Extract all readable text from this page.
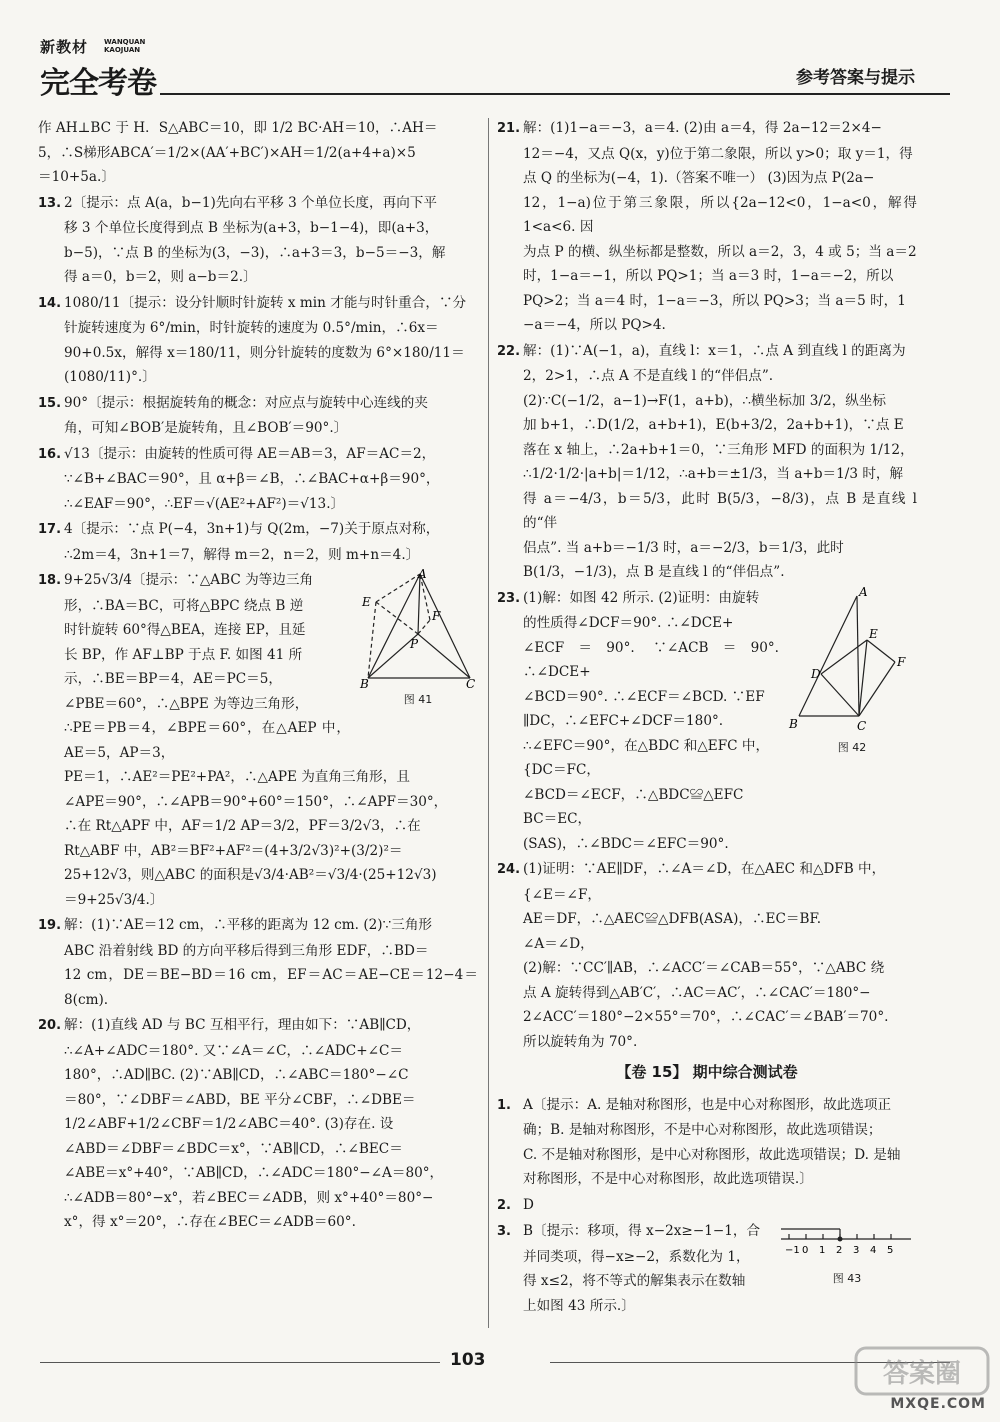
新教材 WANQUAN
KAOJUAN
完全考卷	参考答案与提示
作 AH⊥BC 于 H．S△ABC＝10，即 1/2 BC·AH＝10，∴AH＝
5，∴S梯形ABCA′＝1/2×(AA′+BC′)×AH＝1/2(a+4+a)×5
＝10+5a.〕
13. 2〔提示：点 A(a，b−1)先向右平移 3 个单位长度，再向下平
移 3 个单位长度得到点 B 坐标为(a+3，b−1−4)，即(a+3，
b−5)，∵点 B 的坐标为(3，−3)，∴a+3＝3，b−5＝−3，解
得 a＝0，b＝2，则 a−b＝2.〕
14. 1080/11〔提示：设分针顺时针旋转 x min 才能与时针重合，∵分
针旋转速度为 6°/min，时针旋转的速度为 0.5°/min，∴6x＝
90+0.5x，解得 x＝180/11，则分针旋转的度数为 6°×180/11＝
(1080/11)°.〕
15. 90°〔提示：根据旋转角的概念：对应点与旋转中心连线的夹
角，可知∠BOB′是旋转角，且∠BOB′＝90°.〕
16. √13〔提示：由旋转的性质可得 AE＝AB＝3，AF＝AC＝2，
∵∠B+∠BAC＝90°，且 α+β＝∠B，∴∠BAC+α+β＝90°，
∴∠EAF＝90°，∴EF＝√(AE²+AF²)＝√13.〕
17. 4〔提示：∵点 P(−4，3n+1)与 Q(2m，−7)关于原点对称，
∴2m＝4，3n+1＝7，解得 m＝2，n＝2，则 m+n＝4.〕
A
B	C
E
P
F
图 41
18. 9+25√3/4〔提示：∵△ABC 为等边三角
形，∴BA＝BC，可将△BPC 绕点 B 逆
时针旋转 60°得△BEA，连接 EP，且延
长 BP，作 AF⊥BP 于点 F. 如图 41 所
示，∴BE＝BP＝4，AE＝PC＝5，
∠PBE＝60°，∴△BPE 为等边三角形，
∴PE＝PB＝4，∠BPE＝60°，在△AEP 中，AE＝5，AP＝3，
PE＝1，∴AE²＝PE²+PA²，∴△APE 为直角三角形，且
∠APE＝90°，∴∠APB＝90°+60°＝150°，∴∠APF＝30°，
∴在 Rt△APF 中，AF＝1/2 AP＝3/2，PF＝3/2√3，∴在
Rt△ABF 中，AB²＝BF²+AF²＝(4+3/2√3)²+(3/2)²＝
25+12√3，则△ABC 的面积是√3/4·AB²＝√3/4·(25+12√3)
＝9+25√3/4.〕
19. 解：(1)∵AE＝12 cm，∴平移的距离为 12 cm. (2)∵三角形
ABC 沿着射线 BD 的方向平移后得到三角形 EDF，∴BD＝
12 cm，DE＝BE−BD＝16 cm，EF＝AC＝AE−CE＝12−4＝8(cm).
20. 解：(1)直线 AD 与 BC 互相平行，理由如下：∵AB∥CD，
∴∠A+∠ADC＝180°. 又∵∠A＝∠C，∴∠ADC+∠C＝
180°，∴AD∥BC. (2)∵AB∥CD，∴∠ABC＝180°−∠C
＝80°，∵∠DBF＝∠ABD，BE 平分∠CBF，∴∠DBE＝
1/2∠ABF+1/2∠CBF＝1/2∠ABC＝40°. (3)存在. 设
∠ABD＝∠DBF＝∠BDC＝x°，∵AB∥CD，∴∠BEC＝
∠ABE＝x°+40°，∵AB∥CD，∴∠ADC＝180°−∠A＝80°，
∴∠ADB＝80°−x°，若∠BEC＝∠ADB，则 x°+40°＝80°−
x°，得 x°＝20°，∴存在∠BEC＝∠ADB＝60°.
21. 解：(1)1−a＝−3，a＝4. (2)由 a＝4，得 2a−12＝2×4−
12＝−4，又点 Q(x，y)位于第二象限，所以 y>0；取 y＝1，得
点 Q 的坐标为(−4，1).（答案不唯一） (3)因为点 P(2a−
12，1−a)位于第三象限，所以{2a−12<0，1−a<0，解得 1<a<6. 因
为点 P 的横、纵坐标都是整数，所以 a＝2，3，4 或 5；当 a＝2
时，1−a＝−1，所以 PQ>1；当 a＝3 时，1−a＝−2，所以
PQ>2；当 a＝4 时，1−a＝−3，所以 PQ>3；当 a＝5 时，1
−a＝−4，所以 PQ>4.
22. 解：(1)∵A(−1，a)，直线 l：x＝1，∴点 A 到直线 l 的距离为
2，2>1，∴点 A 不是直线 l 的“伴侣点”.
(2)∵C(−1/2，a−1)→F(1，a+b)，∴横坐标加 3/2，纵坐标
加 b+1，∴D(1/2，a+b+1)，E(b+3/2，2a+b+1)，∵点 E
落在 x 轴上，∴2a+b+1＝0，∵三角形 MFD 的面积为 1/12，
∴1/2·1/2·|a+b|＝1/12，∴a+b＝±1/3，当 a+b＝1/3 时，解
得 a＝−4/3，b＝5/3，此时 B(5/3，−8/3)，点 B 是直线 l 的“伴
侣点”. 当 a+b＝−1/3 时，a＝−2/3，b＝1/3，此时
B(1/3，−1/3)，点 B 是直线 l 的“伴侣点”.
A
B	C
D
E
F
图 42
23. (1)解：如图 42 所示. (2)证明：由旋转
的性质得∠DCF＝90°. ∴∠DCE+
∠ECF＝90°. ∵∠ACB＝90°. ∴∠DCE+
∠BCD＝90°. ∴∠ECF＝∠BCD. ∵EF
∥DC，∴∠EFC+∠DCF＝180°.
∴∠EFC＝90°，在△BDC 和△EFC 中，
{DC＝FC，
∠BCD＝∠ECF，∴△BDC≌△EFC
BC＝EC，
(SAS)，∴∠BDC＝∠EFC＝90°.
24. (1)证明：∵AE∥DF，∴∠A＝∠D，在△AEC 和△DFB 中，
{∠E＝∠F，
AE＝DF，∴△AEC≌△DFB(ASA)，∴EC＝BF.
∠A＝∠D，
(2)解：∵CC′∥AB，∴∠ACC′＝∠CAB＝55°，∵△ABC 绕
点 A 旋转得到△AB′C′，∴AC＝AC′，∴∠CAC′＝180°−
2∠ACC′＝180°−2×55°＝70°，∴∠CAC′＝∠BAB′＝70°.
所以旋转角为 70°.
【卷 15】 期中综合测试卷
1. A〔提示：A. 是轴对称图形，也是中心对称图形，故此选项正
确；B. 是轴对称图形，不是中心对称图形，故此选项错误；
C. 不是轴对称图形，是中心对称图形，故此选项错误；D. 是轴
对称图形，不是中心对称图形，故此选项错误.〕
2. D
−1 0 1 2 3 4 5
图 43
3. B〔提示：移项，得 x−2x≥−1−1，合
并同类项，得−x≥−2，系数化为 1，
得 x≤2，将不等式的解集表示在数轴
上如图 43 所示.〕
103	答案圈
MXQE.COM
